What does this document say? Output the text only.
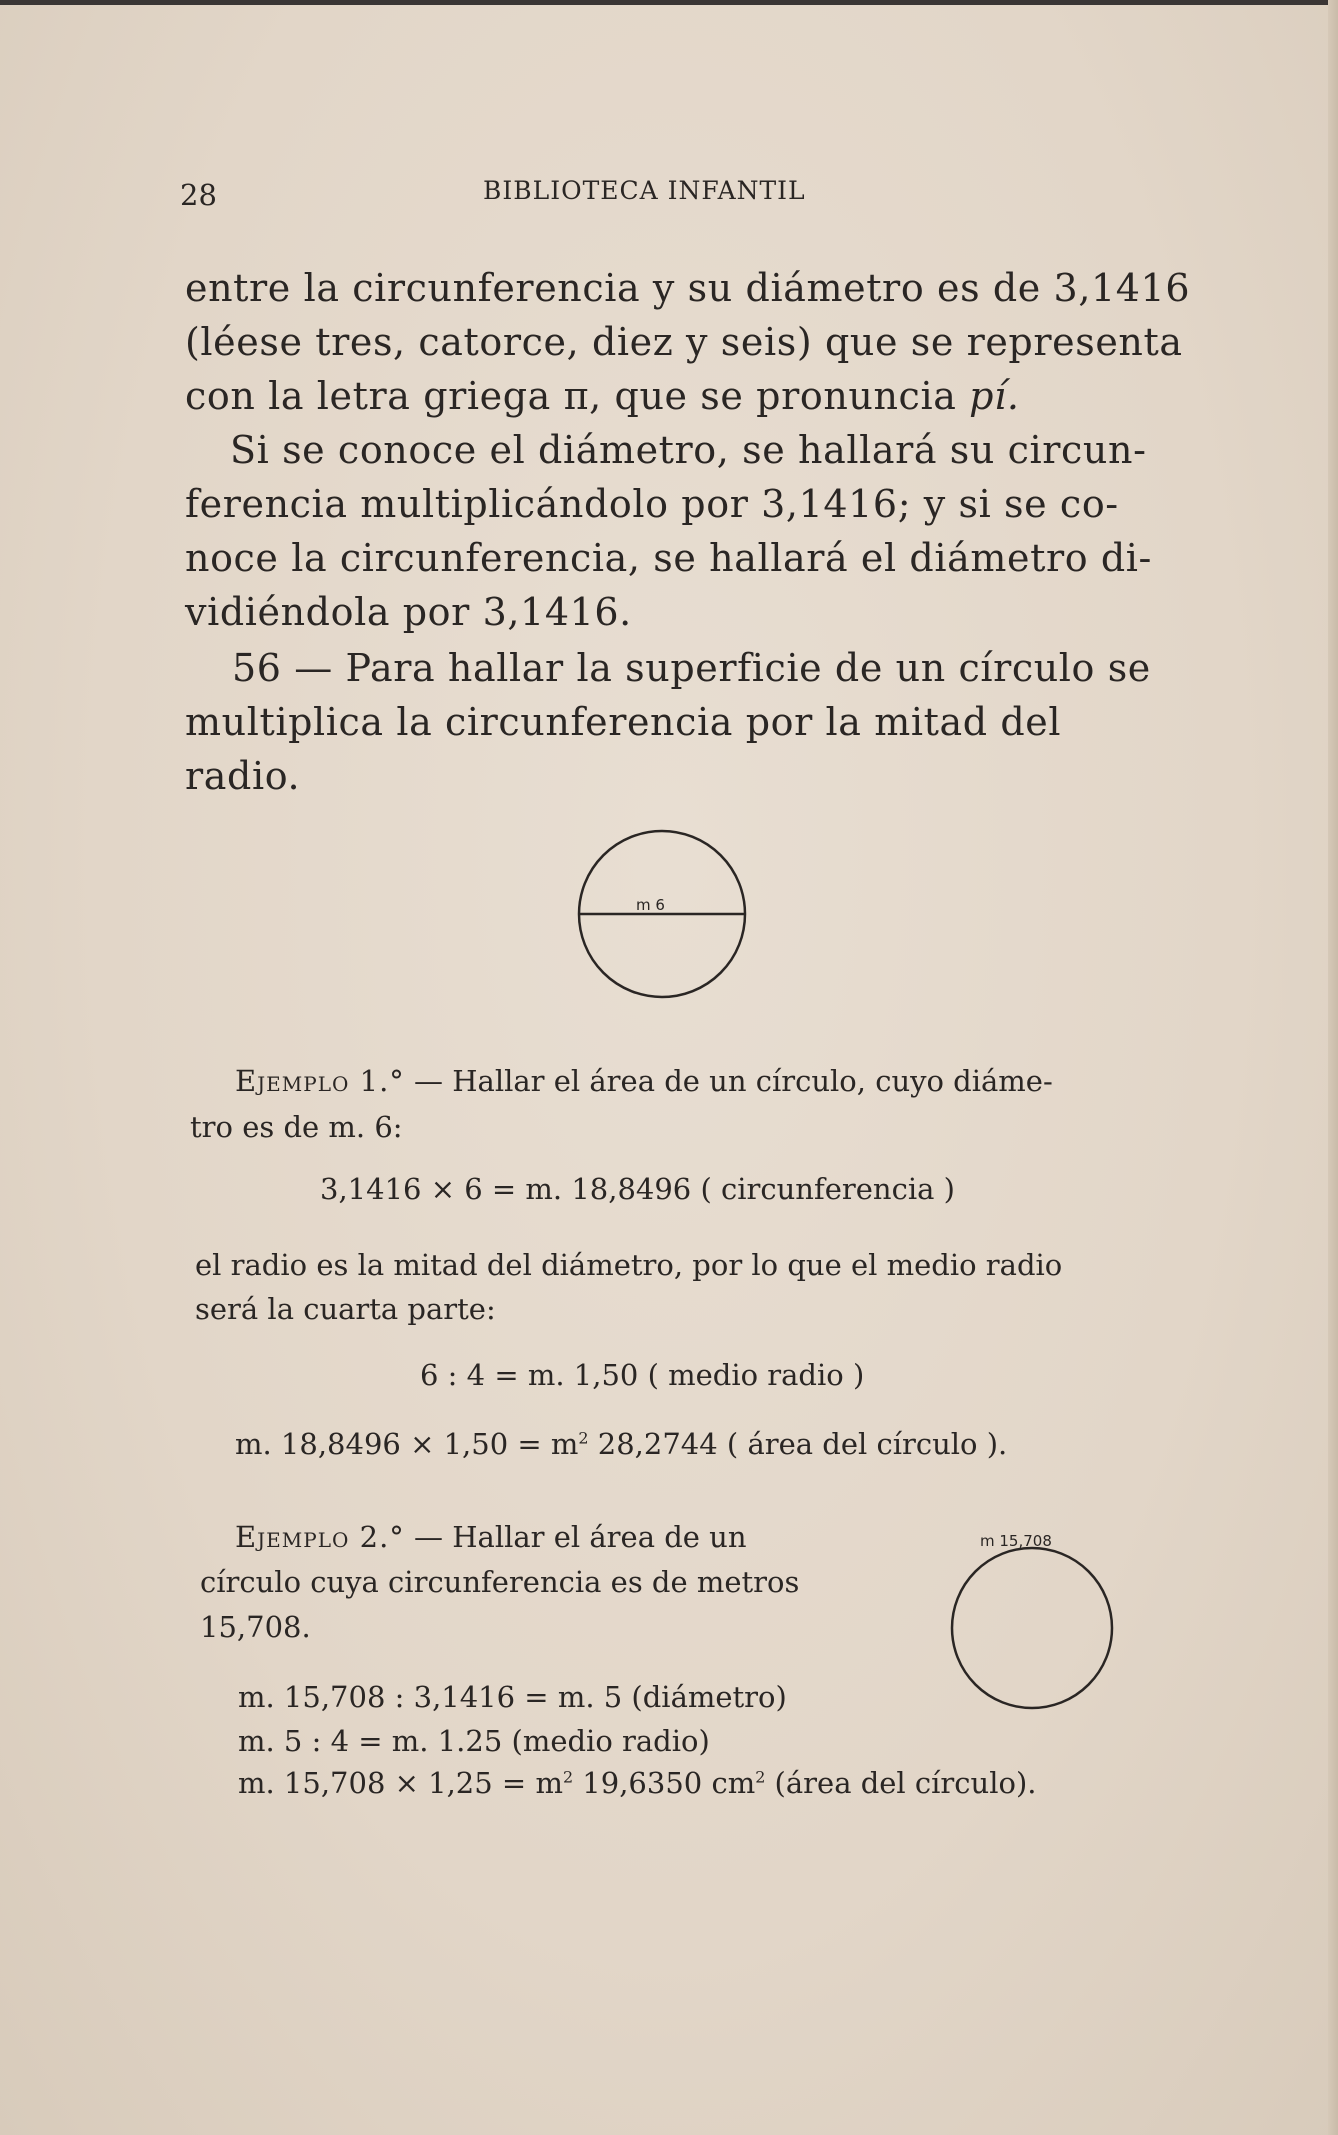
28	BIBLIOTECA INFANTIL
entre la circunferencia y su diámetro es de 3,1416
(léese tres, catorce, diez y seis) que se representa
con la letra griega π, que se pronuncia pí.
Si se conoce el diámetro, se hallará su circun-
ferencia multiplicándolo por 3,1416; y si se co-
noce la circunferencia, se hallará el diámetro di-
vidiéndola por 3,1416.
56 — Para hallar la superficie de un círculo se
multiplica la circunferencia por la mitad del
radio.
m 6
Ejemplo 1.° — Hallar el área de un círculo, cuyo diáme-
tro es de m. 6:
3,1416 × 6 = m. 18,8496 ( circunferencia )
el radio es la mitad del diámetro, por lo que el medio radio
será la cuarta parte:
6 : 4 = m. 1,50 ( medio radio )
m. $18,8496 \times 1,50 = m^2$ 28,2744 ( área del círculo ).
Ejemplo 2.° — Hallar el área de un
círculo cuya circunferencia es de metros
15,708.
m 15,708
m. 15,708 : 3,1416 = m. 5 (diámetro)
m. 5 : 4 = m. 1.25 (medio radio)
m. $15,708 \times 1,25 = m^2$ 19,6350 $cm^2$ (área del círculo).
